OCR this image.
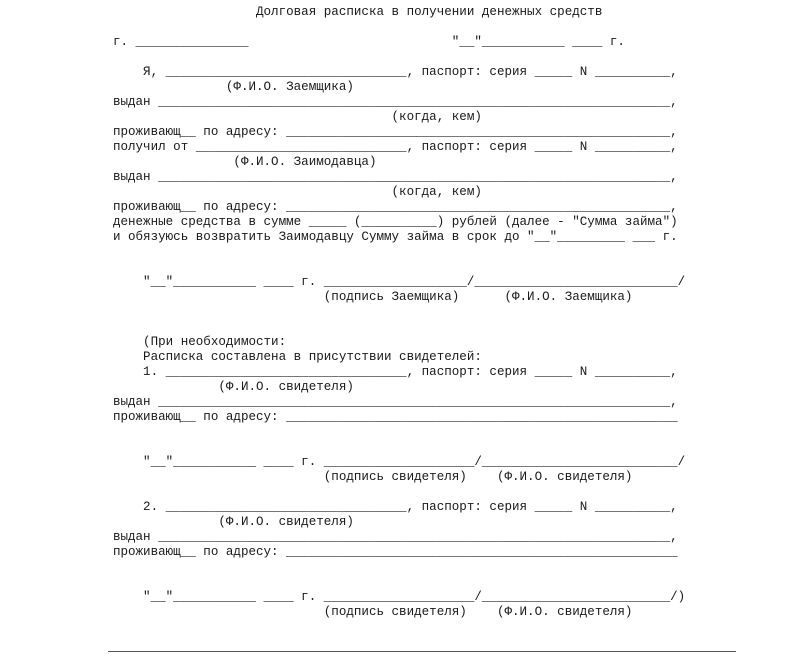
Долговая расписка в получении денежных средств
г. _______________                           "__"___________ ____ г.
Я, ________________________________, паспорт: серия _____ N __________,
(Ф.И.О. Заемщика)
выдан ____________________________________________________________________,
(когда, кем)
проживающ__ по адресу: ___________________________________________________,
получил от ____________________________, паспорт: серия _____ N __________,
(Ф.И.О. Заимодавца)
выдан ____________________________________________________________________,
(когда, кем)
проживающ__ по адресу: ___________________________________________________,
денежные средства в сумме _____ (__________) рублей (далее - "Сумма займа")
и обязуюсь возвратить Заимодавцу Сумму займа в срок до "__"_________ ___ г.
"__"___________ ____ г. ___________________/___________________________/
(подпись Заемщика)      (Ф.И.О. Заемщика)
(При необходимости:
Расписка составлена в присутствии свидетелей:
1. ________________________________, паспорт: серия _____ N __________,
(Ф.И.О. свидетеля)
выдан ____________________________________________________________________,
проживающ__ по адресу: ____________________________________________________
"__"___________ ____ г. ____________________/__________________________/
(подпись свидетеля)    (Ф.И.О. свидетеля)
2. ________________________________, паспорт: серия _____ N __________,
(Ф.И.О. свидетеля)
выдан ____________________________________________________________________,
проживающ__ по адресу: ____________________________________________________
"__"___________ ____ г. ____________________/_________________________/)
(подпись свидетеля)    (Ф.И.О. свидетеля)
